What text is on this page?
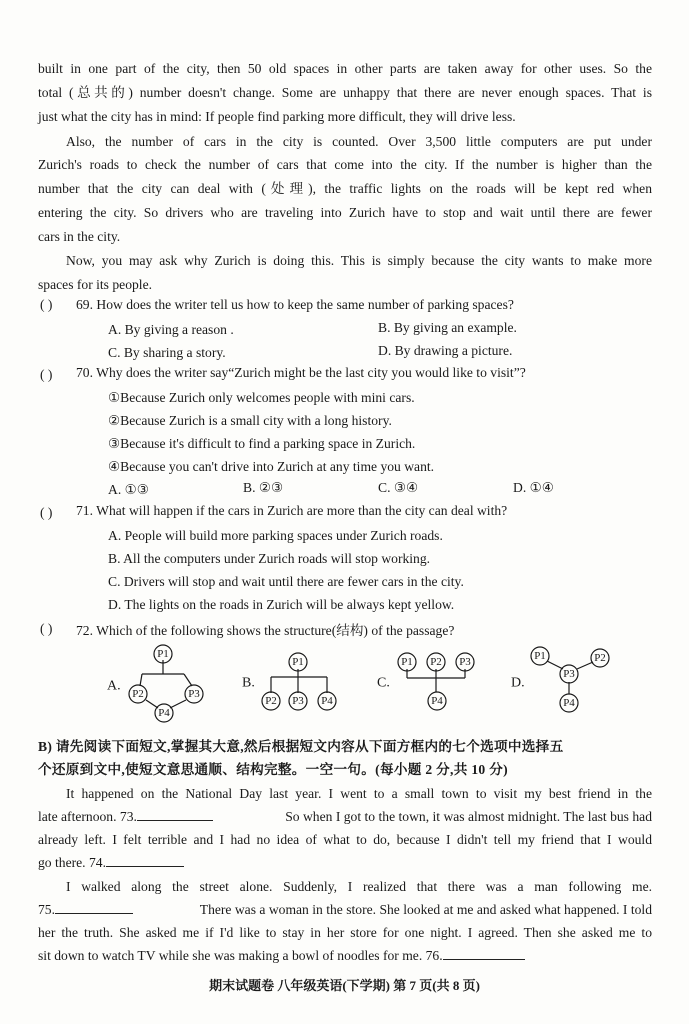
built in one part of the city, then 50 old spaces in other parts are taken away for other uses. So the
total (总共的) number doesn't change. Some are unhappy that there are never enough spaces. That is
just what the city has in mind: If people find parking more difficult, they will drive less.
Also, the number of cars in the city is counted. Over 3,500 little computers are put under
Zurich's roads to check the number of cars that come into the city. If the number is higher than the
number that the city can deal with (处理), the traffic lights on the roads will be kept red when
entering the city. So drivers who are traveling into Zurich have to stop and wait until there are fewer
cars in the city.
Now, you may ask why Zurich is doing this. This is simply because the city wants to make more
spaces for its people.
( ) 69. How does the writer tell us how to keep the same number of parking spaces?
A. By giving a reason .	B. By giving an example.
C. By sharing a story.	D. By drawing a picture.
( ) 70. Why does the writer say“Zurich might be the last city you would like to visit”?
①Because Zurich only welcomes people with mini cars.
②Because Zurich is a small city with a long history.
③Because it's difficult to find a parking space in Zurich.
④Because you can't drive into Zurich at any time you want.
A. ①③	B. ②③	C. ③④	D. ①④
( ) 71. What will happen if the cars in Zurich are more than the city can deal with?
A. People will build more parking spaces under Zurich roads.
B. All the computers under Zurich roads will stop working.
C. Drivers will stop and wait until there are fewer cars in the city.
D. The lights on the roads in Zurich will be always kept yellow.
( ) 72. Which of the following shows the structure(结构) of the passage?
P1
P2	P3
P4
P1
P2 P3 P4
P1 P2 P3
P4
P1	P2
P3
P4
A.	B.	C.	D.
B) 请先阅读下面短文,掌握其大意,然后根据短文内容从下面方框内的七个选项中选择五
个还原到文中,使短文意思通顺、结构完整。一空一句。(每小题 2 分,共 10 分)
It happened on the National Day last year. I went to a small town to visit my best friend in the
late afternoon. 73.	So when I got to the town, it was almost midnight. The last bus had
already left. I felt terrible and I had no idea of what to do, because I didn't tell my friend that I would
go there. 74.
I walked along the street alone. Suddenly, I realized that there was a man following me.
75.	There was a woman in the store. She looked at me and asked what happened. I told
her the truth. She asked me if I'd like to stay in her store for one night. I agreed. Then she asked me to
sit down to watch TV while she was making a bowl of noodles for me. 76.
期末试题卷 八年级英语(下学期) 第 7 页(共 8 页)
